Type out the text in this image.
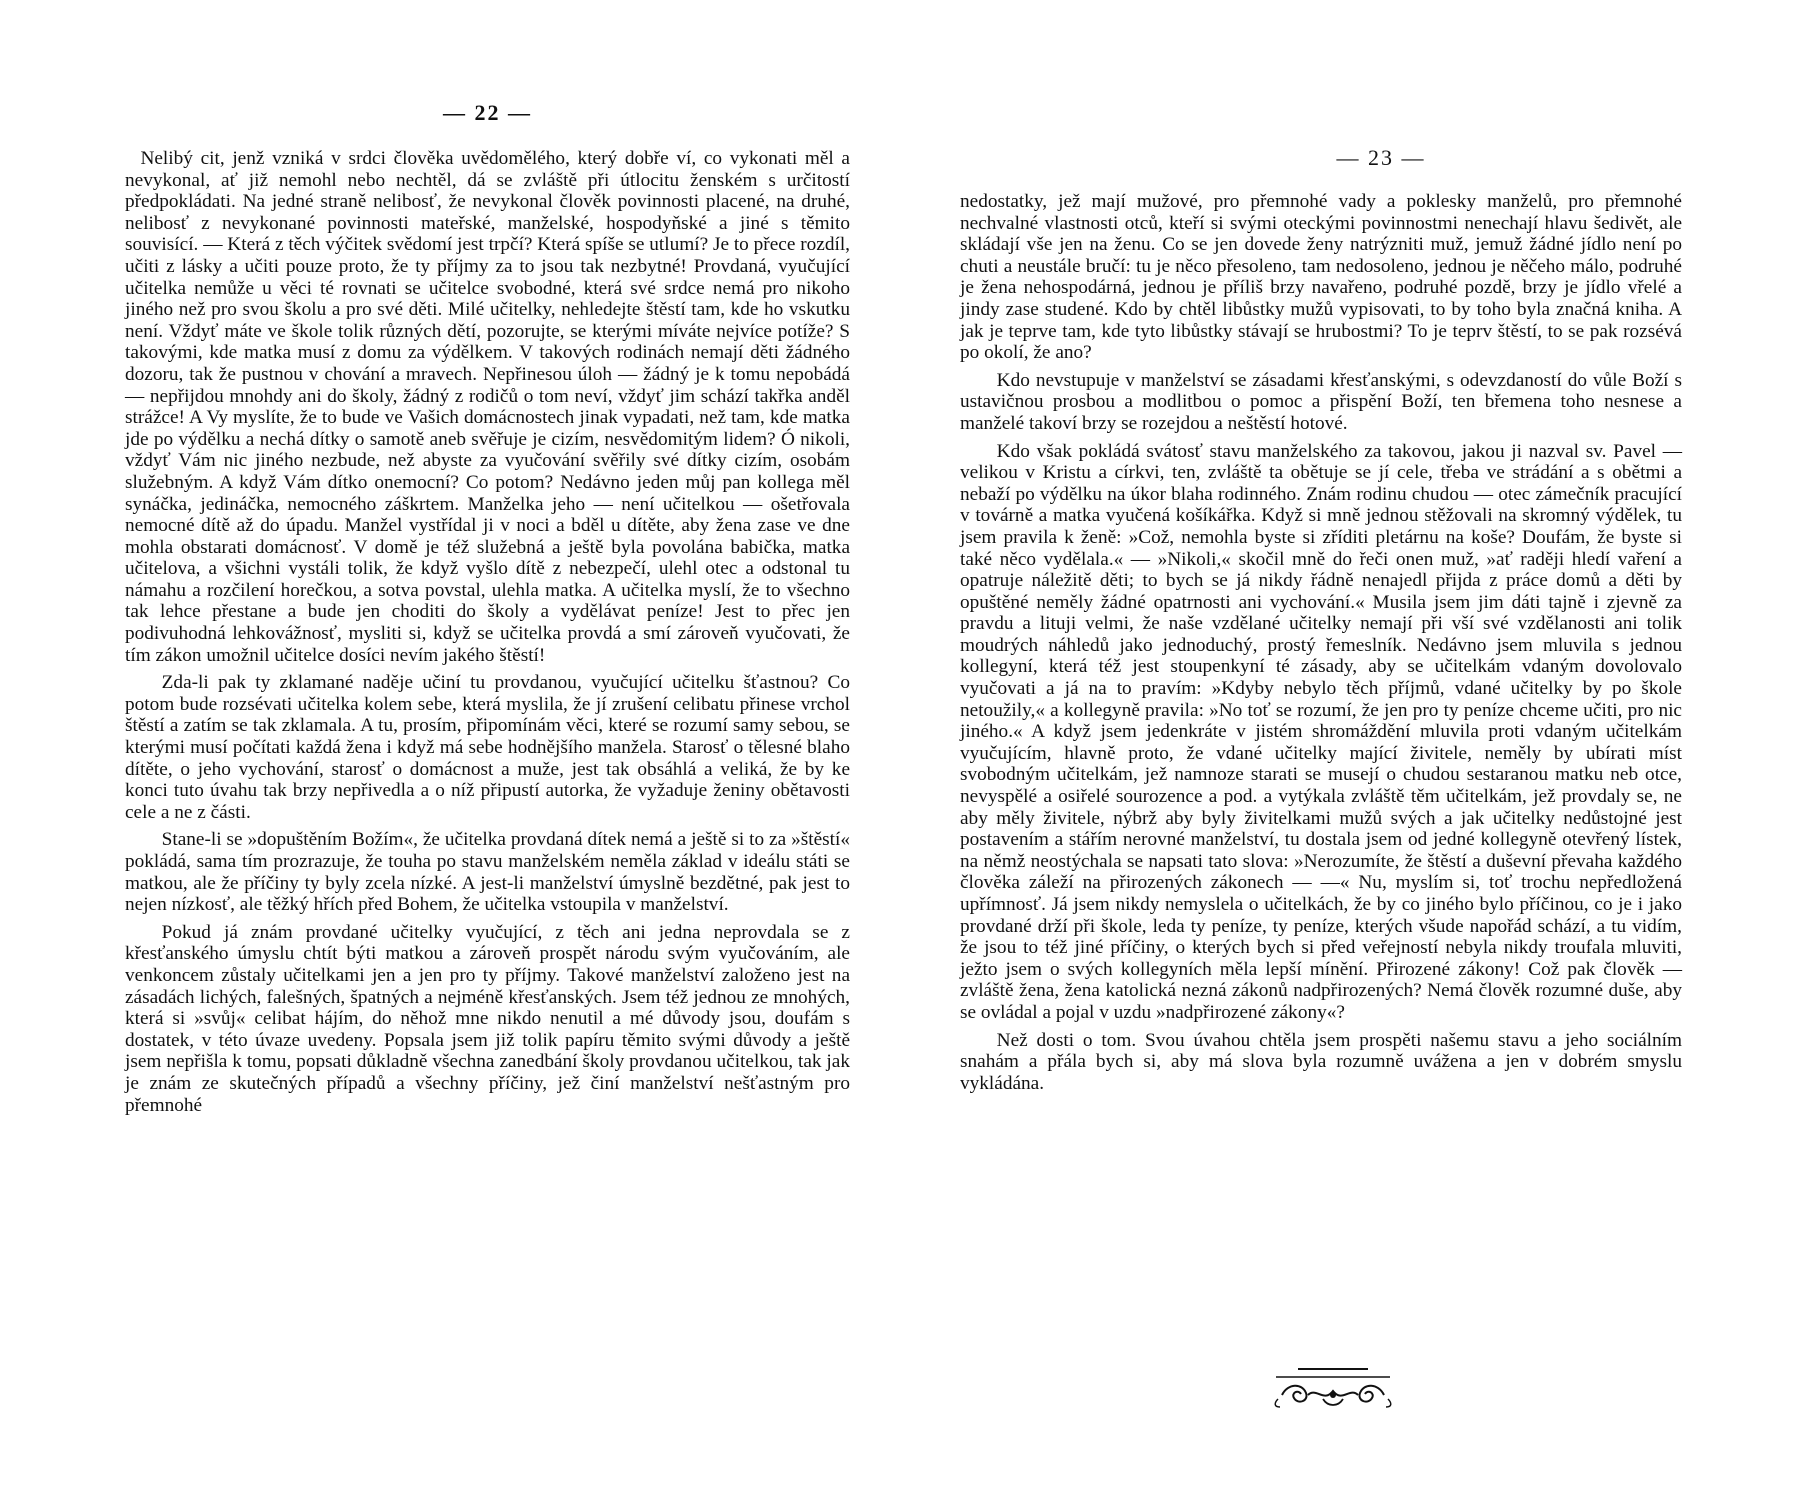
— 22 —

Nelibý cit, jenž vzniká v srdci člověka uvědomělého, který dobře ví, co vykonati měl a nevykonal, ať již nemohl nebo nechtěl, dá se zvláště při útlocitu ženském s určitostí předpokládati. Na jedné straně nelibosť, že nevykonal člověk povinnosti placené, na druhé, nelibosť z nevykonané povinnosti mateřské, manželské, hospodyňské a jiné s těmito souvisící. — Která z těch výčitek svědomí jest trpčí? Která spíše se utlumí? Je to přece rozdíl, učiti z lásky a učiti pouze proto, že ty příjmy za to jsou tak nezbytné! Provdaná, vyučující učitelka nemůže u věci té rovnati se učitelce svobodné, která své srdce nemá pro nikoho jiného než pro svou školu a pro své děti. Milé učitelky, nehledejte štěstí tam, kde ho vskutku není. Vždyť máte ve škole tolik různých dětí, pozorujte, se kterými míváte nejvíce potíže? S takovými, kde matka musí z domu za výdělkem. V takových rodinách nemají děti žádného dozoru, tak že pustnou v chování a mravech. Nepřinesou úloh — žádný je k tomu nepobádá — nepřijdou mnohdy ani do školy, žádný z rodičů o tom neví, vždyť jim schází takřka anděl strážce! A Vy myslíte, že to bude ve Vašich domácnostech jinak vypadati, než tam, kde matka jde po výdělku a nechá dítky o samotě aneb svěřuje je cizím, nesvědomitým lidem? Ó nikoli, vždyť Vám nic jiného nezbude, než abyste za vyučování svěřily své dítky cizím, osobám služebným. A když Vám dítko onemocní? Co potom? Nedávno jeden můj pan kollega měl synáčka, jedináčka, nemocného záškrtem. Manželka jeho — není učitelkou — ošetřovala nemocné dítě až do úpadu. Manžel vystřídal ji v noci a bděl u dítěte, aby žena zase ve dne mohla obstarati domácnosť. V domě je též služebná a ještě byla povolána babička, matka učitelova, a všichni vystáli tolik, že když vyšlo dítě z nebezpečí, ulehl otec a odstonal tu námahu a rozčilení horečkou, a sotva povstal, ulehla matka. A učitelka myslí, že to všechno tak lehce přestane a bude jen choditi do školy a vydělávat peníze! Jest to přec jen podivuhodná lehkovážnosť, mysliti si, když se učitelka provdá a smí zároveň vyučovati, že tím zákon umožnil učitelce dosíci nevím jakého štěstí!

Zda-li pak ty zklamané naděje učiní tu provdanou, vyučující učitelku šťastnou? Co potom bude rozsévati učitelka kolem sebe, která myslila, že jí zrušení celibatu přinese vrchol štěstí a zatím se tak zklamala. A tu, prosím, připomínám věci, které se rozumí samy sebou, se kterými musí počítati každá žena i když má sebe hodnějšího manžela. Starosť o tělesné blaho dítěte, o jeho vychování, starosť o domácnost a muže, jest tak obsáhlá a veliká, že by ke konci tuto úvahu tak brzy nepřivedla a o níž připustí autorka, že vyžaduje ženiny obětavosti cele a ne z části.

Stane-li se »dopuštěním Božím«, že učitelka provdaná dítek nemá a ještě si to za »štěstí« pokládá, sama tím prozrazuje, že touha po stavu manželském neměla základ v ideálu státi se matkou, ale že příčiny ty byly zcela nízké. A jest-li manželství úmyslně bezdětné, pak jest to nejen nízkosť, ale těžký hřích před Bohem, že učitelka vstoupila v manželství.

Pokud já znám provdané učitelky vyučující, z těch ani jedna neprovdala se z křesťanského úmyslu chtít býti matkou a zároveň prospět národu svým vyučováním, ale venkoncem zůstaly učitelkami jen a jen pro ty příjmy. Takové manželství založeno jest na zásadách lichých, falešných, špatných a nejméně křesťanských. Jsem též jednou ze mnohých, která si »svůj« celibat hájím, do něhož mne nikdo nenutil a mé důvody jsou, doufám s dostatek, v této úvaze uvedeny. Popsala jsem již tolik papíru těmito svými důvody a ještě jsem nepřišla k tomu, popsati důkladně všechna zanedbání školy provdanou učitelkou, tak jak je znám ze skutečných případů a všechny příčiny, jež činí manželství nešťastným pro přemnohé

— 23 —

nedostatky, jež mají mužové, pro přemnohé vady a poklesky manželů, pro přemnohé nechvalné vlastnosti otců, kteří si svými oteckými povinnostmi nenechají hlavu šedivět, ale skládají vše jen na ženu. Co se jen dovede ženy natrýzniti muž, jemuž žádné jídlo není po chuti a neustále bručí: tu je něco přesoleno, tam nedosoleno, jednou je něčeho málo, podruhé je žena nehospodárná, jednou je příliš brzy navařeno, podruhé pozdě, brzy je jídlo vřelé a jindy zase studené. Kdo by chtěl libůstky mužů vypisovati, to by toho byla značná kniha. A jak je teprve tam, kde tyto libůstky stávají se hrubostmi? To je teprv štěstí, to se pak rozsévá po okolí, že ano?

Kdo nevstupuje v manželství se zásadami křesťanskými, s odevzdaností do vůle Boží s ustavičnou prosbou a modlitbou o pomoc a přispění Boží, ten břemena toho nesnese a manželé takoví brzy se rozejdou a neštěstí hotové.

Kdo však pokládá svátosť stavu manželského za takovou, jakou ji nazval sv. Pavel — velikou v Kristu a církvi, ten, zvláště ta obětuje se jí cele, třeba ve strádání a s obětmi a nebaží po výdělku na úkor blaha rodinného. Znám rodinu chudou — otec zámečník pracující v továrně a matka vyučená košíkářka. Když si mně jednou stěžovali na skromný výdělek, tu jsem pravila k ženě: »Což, nemohla byste si zříditi pletárnu na koše? Doufám, že byste si také něco vydělala.« — »Nikoli,« skočil mně do řeči onen muž, »ať raději hledí vaření a opatruje náležitě děti; to bych se já nikdy řádně nenajedl přijda z práce domů a děti by opuštěné neměly žádné opatrnosti ani vychování.« Musila jsem jim dáti tajně i zjevně za pravdu a lituji velmi, že naše vzdělané učitelky nemají při vší své vzdělanosti ani tolik moudrých náhledů jako jednoduchý, prostý řemeslník. Nedávno jsem mluvila s jednou kollegyní, která též jest stoupenkyní té zásady, aby se učitelkám vdaným dovolovalo vyučovati a já na to pravím: »Kdyby nebylo těch příjmů, vdané učitelky by po škole netoužily,« a kollegyně pravila: »No toť se rozumí, že jen pro ty peníze chceme učiti, pro nic jiného.« A když jsem jedenkráte v jistém shromáždění mluvila proti vdaným učitelkám vyučujícím, hlavně proto, že vdané učitelky mající živitele, neměly by ubírati míst svobodným učitelkám, jež namnoze starati se musejí o chudou sestaranou matku neb otce, nevyspělé a osiřelé sourozence a pod. a vytýkala zvláště těm učitelkám, jež provdaly se, ne aby měly živitele, nýbrž aby byly živitelkami mužů svých a jak učitelky nedůstojné jest postavením a stářím nerovné manželství, tu dostala jsem od jedné kollegyně otevřený lístek, na němž neostýchala se napsati tato slova: »Nerozumíte, že štěstí a duševní převaha každého člověka záleží na přirozených zákonech — —« Nu, myslím si, toť trochu nepředložená upřímnosť. Já jsem nikdy nemyslela o učitelkách, že by co jiného bylo příčinou, co je i jako provdané drží při škole, leda ty peníze, ty peníze, kterých všude napořád schází, a tu vidím, že jsou to též jiné příčiny, o kterých bych si před veřejností nebyla nikdy troufala mluviti, ježto jsem o svých kollegyních měla lepší mínění. Přirozené zákony! Což pak člověk — zvláště žena, žena katolická nezná zákonů nadpřirozených? Nemá člověk rozumné duše, aby se ovládal a pojal v uzdu »nadpřirozené zákony«?

Než dosti o tom. Svou úvahou chtěla jsem prospěti našemu stavu a jeho sociálním snahám a přála bych si, aby má slova byla rozumně uvážena a jen v dobrém smyslu vykládána.
